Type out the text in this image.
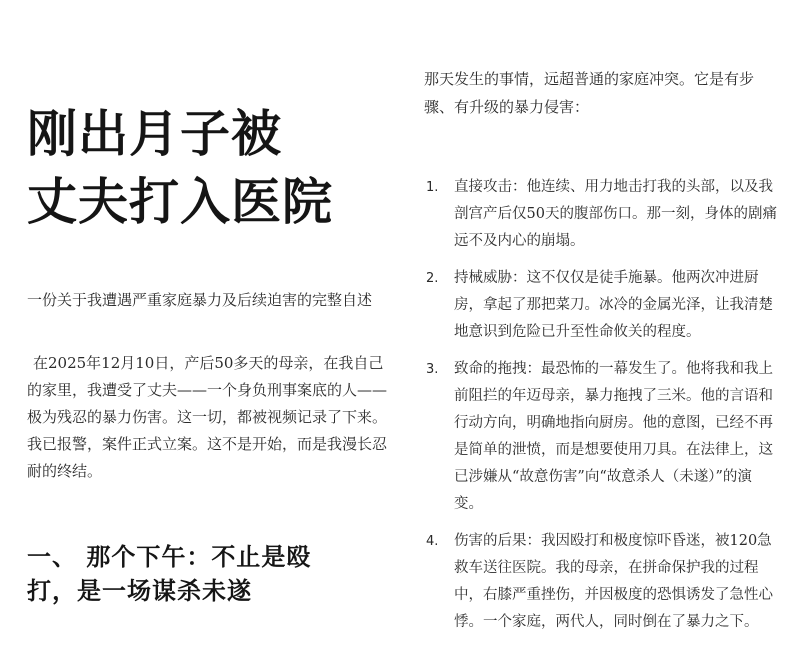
刚出月子被
丈夫打入医院

一份关于我遭遇严重家庭暴力及后续迫害的完整自述

在2025年12月10日，产后50多天的母亲，在我自己的家里，我遭受了丈夫——一个身负刑事案底的人——极为残忍的暴力伤害。这一切，都被视频记录了下来。我已报警，案件正式立案。这不是开始，而是我漫长忍耐的终结。

一、 那个下午：不止是殴打，是一场谋杀未遂

那天发生的事情，远超普通的家庭冲突。它是有步骤、有升级的暴力侵害：

1.	直接攻击：他连续、用力地击打我的头部，以及我剖宫产后仅50天的腹部伤口。那一刻，身体的剧痛远不及内心的崩塌。
2.	持械威胁：这不仅仅是徒手施暴。他两次冲进厨房，拿起了那把菜刀。冰冷的金属光泽，让我清楚地意识到危险已升至性命攸关的程度。
3.	致命的拖拽：最恐怖的一幕发生了。他将我和我上前阻拦的年迈母亲，暴力拖拽了三米。他的言语和行动方向，明确地指向厨房。他的意图，已经不再是简单的泄愤，而是想要使用刀具。在法律上，这已涉嫌从“故意伤害”向“故意杀人（未遂）”的演变。
4.	伤害的后果：我因殴打和极度惊吓昏迷，被120急救车送往医院。我的母亲，在拼命保护我的过程中，右膝严重挫伤，并因极度的恐惧诱发了急性心悸。一个家庭，两代人，同时倒在了暴力之下。
